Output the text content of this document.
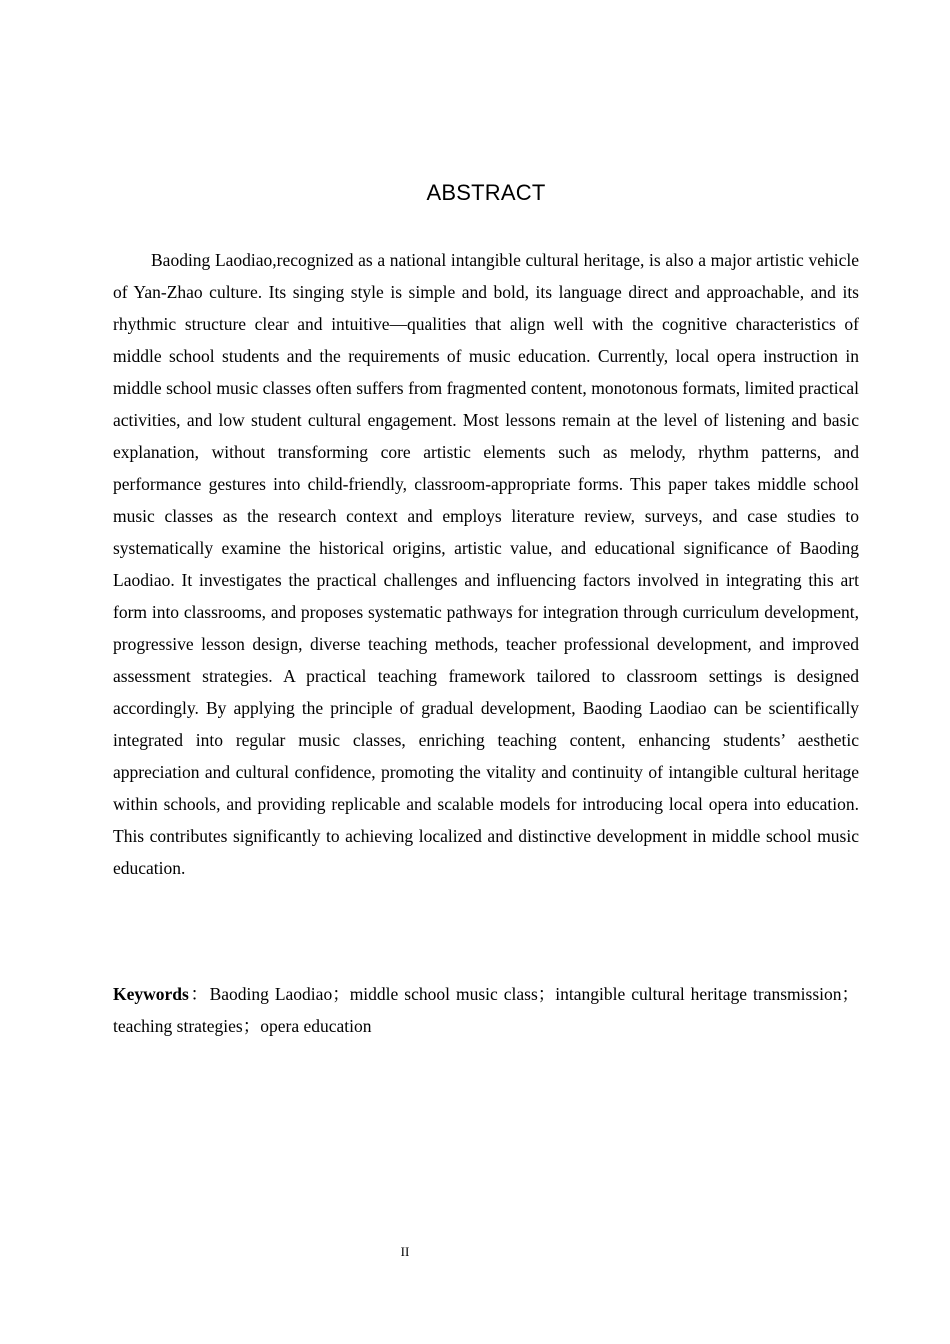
ABSTRACT

Baoding Laodiao,recognized as a national intangible cultural heritage, is also a major artistic vehicle of Yan-Zhao culture. Its singing style is simple and bold, its language direct and approachable, and its rhythmic structure clear and intuitive—qualities that align well with the cognitive characteristics of middle school students and the requirements of music education. Currently, local opera instruction in middle school music classes often suffers from fragmented content, monotonous formats, limited practical activities, and low student cultural engagement. Most lessons remain at the level of listening and basic explanation, without transforming core artistic elements such as melody, rhythm patterns, and performance gestures into child-friendly, classroom-appropriate forms. This paper takes middle school music classes as the research context and employs literature review, surveys, and case studies to systematically examine the historical origins, artistic value, and educational significance of Baoding Laodiao. It investigates the practical challenges and influencing factors involved in integrating this art form into classrooms, and proposes systematic pathways for integration through curriculum development, progressive lesson design, diverse teaching methods, teacher professional development, and improved assessment strategies. A practical teaching framework tailored to classroom settings is designed accordingly. By applying the principle of gradual development, Baoding Laodiao can be scientifically integrated into regular music classes, enriching teaching content, enhancing students’ aesthetic appreciation and cultural confidence, promoting the vitality and continuity of intangible cultural heritage within schools, and providing replicable and scalable models for introducing local opera into education. This contributes significantly to achieving localized and distinctive development in middle school music education.

Keywords：Baoding Laodiao；middle school music class；intangible cultural heritage transmission；teaching strategies；opera education

II
